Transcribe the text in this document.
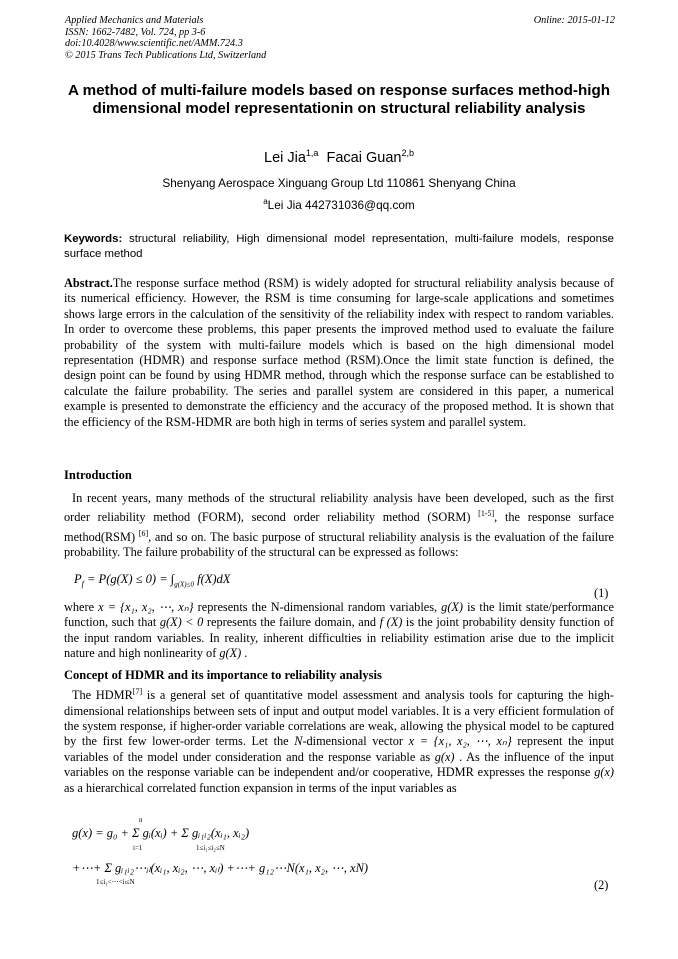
Applied Mechanics and Materials
ISSN: 1662-7482, Vol. 724, pp 3-6
doi:10.4028/www.scientific.net/AMM.724.3
© 2015 Trans Tech Publications Ltd, Switzerland
Online: 2015-01-12
A method of multi-failure models based on response surfaces method-high dimensional model representationin on structural reliability analysis
Lei Jia$^{1,a}$ Facai Guan$^{2,b}$
Shenyang Aerospace Xinguang Group Ltd 110861 Shenyang China
$^a$Lei Jia 442731036@qq.com
Keywords: structural reliability, High dimensional model representation, multi-failure models, response surface method

Abstract.The response surface method (RSM) is widely adopted for structural reliability analysis because of its numerical efficiency. However, the RSM is time consuming for large-scale applications and sometimes shows large errors in the calculation of the sensitivity of the reliability index with respect to random variables. In order to overcome these problems, this paper presents the improved method used to evaluate the failure probability of the system with multi-failure models which is based on the high dimensional model representation (HDMR) and response surface method (RSM).Once the limit state function is defined, the design point can be found by using HDMR method, through which the response surface can be established to calculate the failure probability. The series and parallel system are considered in this paper, a numerical example is presented to demonstrate the efficiency and the accuracy of the proposed method. It is shown that the efficiency of the RSM-HDMR are both high in terms of series system and parallel system.

Introduction

In recent years, many methods of the structural reliability analysis have been developed, such as the first order reliability method (FORM), second order reliability method (SORM) [1-5], the response surface method(RSM) [6], and so on. The basic purpose of structural reliability analysis is the evaluation of the failure probability. The failure probability of the structural can be expressed as follows:

$P_f = P(g(X) \le 0) = \int_{g(X)\le 0}$ f(X)dX
(1)

where x = {x₁, x₂, ⋯, xₙ} represents the N-dimensional random variables, g(X) is the limit state/performance function, such that g(X) < 0 represents the failure domain, and f (X) is the joint probability density function of the input random variables. In reality, inherent difficulties in reliability estimation arise due to the implicit nature and high nonlinearity of g(X) .

Concept of HDMR and its importance to reliability analysis

The HDMR[7] is a general set of quantitative model assessment and analysis tools for capturing the high-dimensional relationships between sets of input and output model variables. It is a very efficient formulation of the system response, if higher-order variable correlations are weak, allowing the physical model to be captured by the first few lower-order terms. Let the N-dimensional vector x = {x₁, x₂, ⋯, xₙ} represent the input variables of the model under consideration and the response variable as g(x) . As the influence of the input variables on the response variable can be independent and/or cooperative, HDMR expresses the response g(x) as a hierarchical correlated function expansion in terms of the input variables as

g(x) = g₀ + Σ gᵢ(xᵢ) + Σ gᵢ₁ᵢ₂(xᵢ₁, xᵢ₂)
n
i=1	1≤i₁≤i₂≤N
+⋯+ Σ gᵢ₁ᵢ₂⋯ᵢₗ(xᵢ₁, xᵢ₂, ⋯, xᵢₗ) +⋯+ g₁₂⋯N(x₁, x₂, ⋯, xN)
1≤i₁<⋯<iₗ≤N	(2)
